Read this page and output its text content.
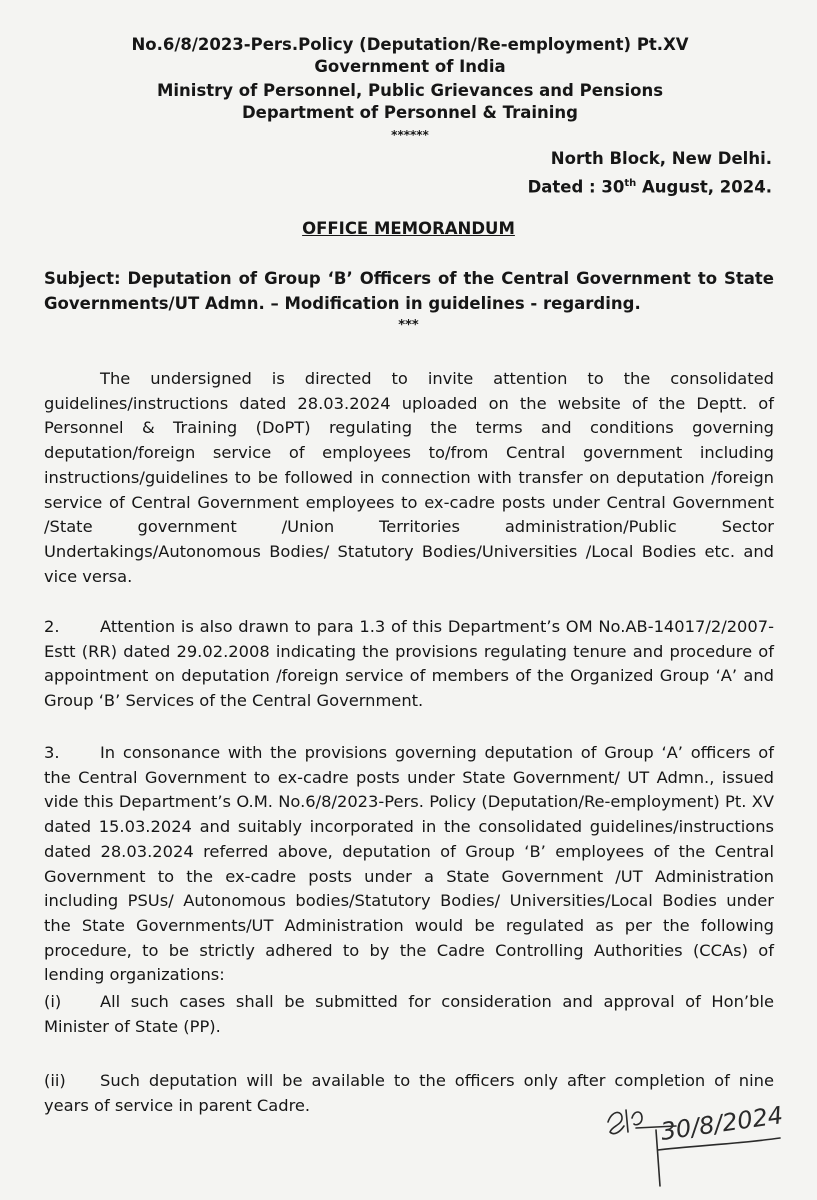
No.6/8/2023-Pers.Policy (Deputation/Re-employment) Pt.XV

Government of India

Ministry of Personnel, Public Grievances and Pensions

Department of Personnel & Training

******

North Block, New Delhi.

Dated : 30th August, 2024.

OFFICE MEMORANDUM

Subject: Deputation of Group ‘B’ Officers of the Central Government to State Governments/UT Admn. – Modification in guidelines - regarding.

***

The undersigned is directed to invite attention to the consolidated guidelines/instructions dated 28.03.2024 uploaded on the website of the Deptt. of Personnel & Training (DoPT) regulating the terms and conditions governing deputation/foreign service of employees to/from Central government including instructions/guidelines to be followed in connection with transfer on deputation /foreign service of Central Government employees to ex-cadre posts under Central Government /State government /Union Territories administration/Public Sector Undertakings/Autonomous Bodies/ Statutory Bodies/Universities /Local Bodies etc. and vice versa.

2. Attention is also drawn to para 1.3 of this Department’s OM No.AB-14017/2/2007-Estt (RR) dated 29.02.2008 indicating the provisions regulating tenure and procedure of appointment on deputation /foreign service of members of the Organized Group ‘A’ and Group ‘B’ Services of the Central Government.

3. In consonance with the provisions governing deputation of Group ‘A’ officers of the Central Government to ex-cadre posts under State Government/ UT Admn., issued vide this Department’s O.M. No.6/8/2023-Pers. Policy (Deputation/Re-employment) Pt. XV dated 15.03.2024 and suitably incorporated in the consolidated guidelines/instructions dated 28.03.2024 referred above, deputation of Group ‘B’ employees of the Central Government to the ex-cadre posts under a State Government /UT Administration including PSUs/ Autonomous bodies/Statutory Bodies/ Universities/Local Bodies under the State Governments/UT Administration would be regulated as per the following procedure, to be strictly adhered to by the Cadre Controlling Authorities (CCAs) of lending organizations:

(i) All such cases shall be submitted for consideration and approval of Hon’ble Minister of State (PP).

(ii) Such deputation will be available to the officers only after completion of nine years of service in parent Cadre.	30/8/2024
